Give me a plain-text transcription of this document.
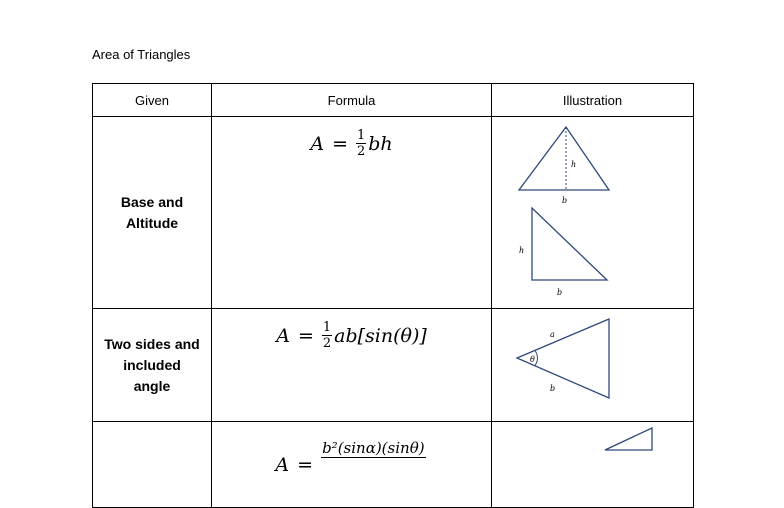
Area of Triangles
Given	Formula	Illustration

Base and
Altitude	$A = \frac{1}{2}$ bh	h
b
h
b

Two sides and
included
angle	$A = \frac{1}{2} ab[\sin(\theta)]$	a
θ
b

	A =
b²(sinα)(sinθ)
